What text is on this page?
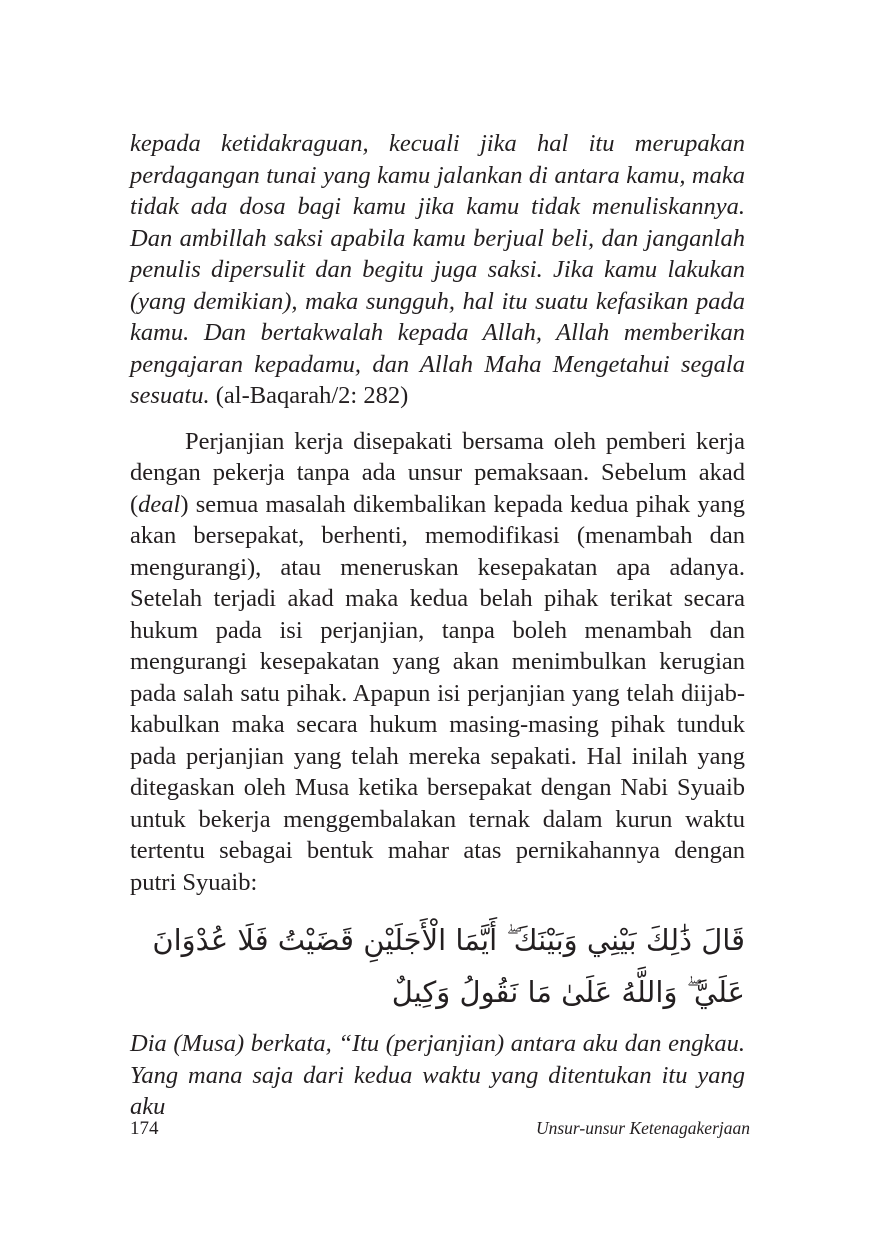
kepada ketidakraguan, kecuali jika hal itu merupakan perdagangan tunai yang kamu jalankan di antara kamu, maka tidak ada dosa bagi kamu jika kamu tidak menuliskannya. Dan ambillah saksi apabila kamu berjual beli, dan janganlah penulis dipersulit dan begitu juga saksi. Jika kamu lakukan (yang demikian), maka sungguh, hal itu suatu kefasikan pada kamu. Dan bertakwalah kepada Allah, Allah memberikan pengajaran kepadamu, dan Allah Maha Mengetahui segala sesuatu. (al-Baqarah/2: 282)

Perjanjian kerja disepakati bersama oleh pemberi kerja dengan pekerja tanpa ada unsur pemaksaan. Sebelum akad (deal) semua masalah dikembalikan kepada kedua pihak yang akan bersepakat, berhenti, memodifikasi (menambah dan mengurangi), atau meneruskan kesepakatan apa adanya. Setelah terjadi akad maka kedua belah pihak terikat secara hukum pada isi perjanjian, tanpa boleh menambah dan mengurangi kesepakatan yang akan menimbulkan kerugian pada salah satu pihak. Apapun isi perjanjian yang telah diijab-kabulkan maka secara hukum masing-masing pihak tunduk pada perjanjian yang telah mereka sepakati. Hal inilah yang ditegaskan oleh Musa ketika bersepakat dengan Nabi Syuaib untuk bekerja menggembalakan ternak dalam kurun waktu tertentu sebagai bentuk mahar atas pernikahannya dengan putri Syuaib:

قَالَ ذَٰلِكَ بَيْنِي وَبَيْنَكَ ۖ أَيَّمَا الْأَجَلَيْنِ قَضَيْتُ فَلَا عُدْوَانَ عَلَيَّ ۖ وَاللَّهُ عَلَىٰ مَا نَقُولُ وَكِيلٌ

Dia (Musa) berkata, “Itu (perjanjian) antara aku dan engkau. Yang mana saja dari kedua waktu yang ditentukan itu yang aku

174	Unsur-unsur Ketenagakerjaan
